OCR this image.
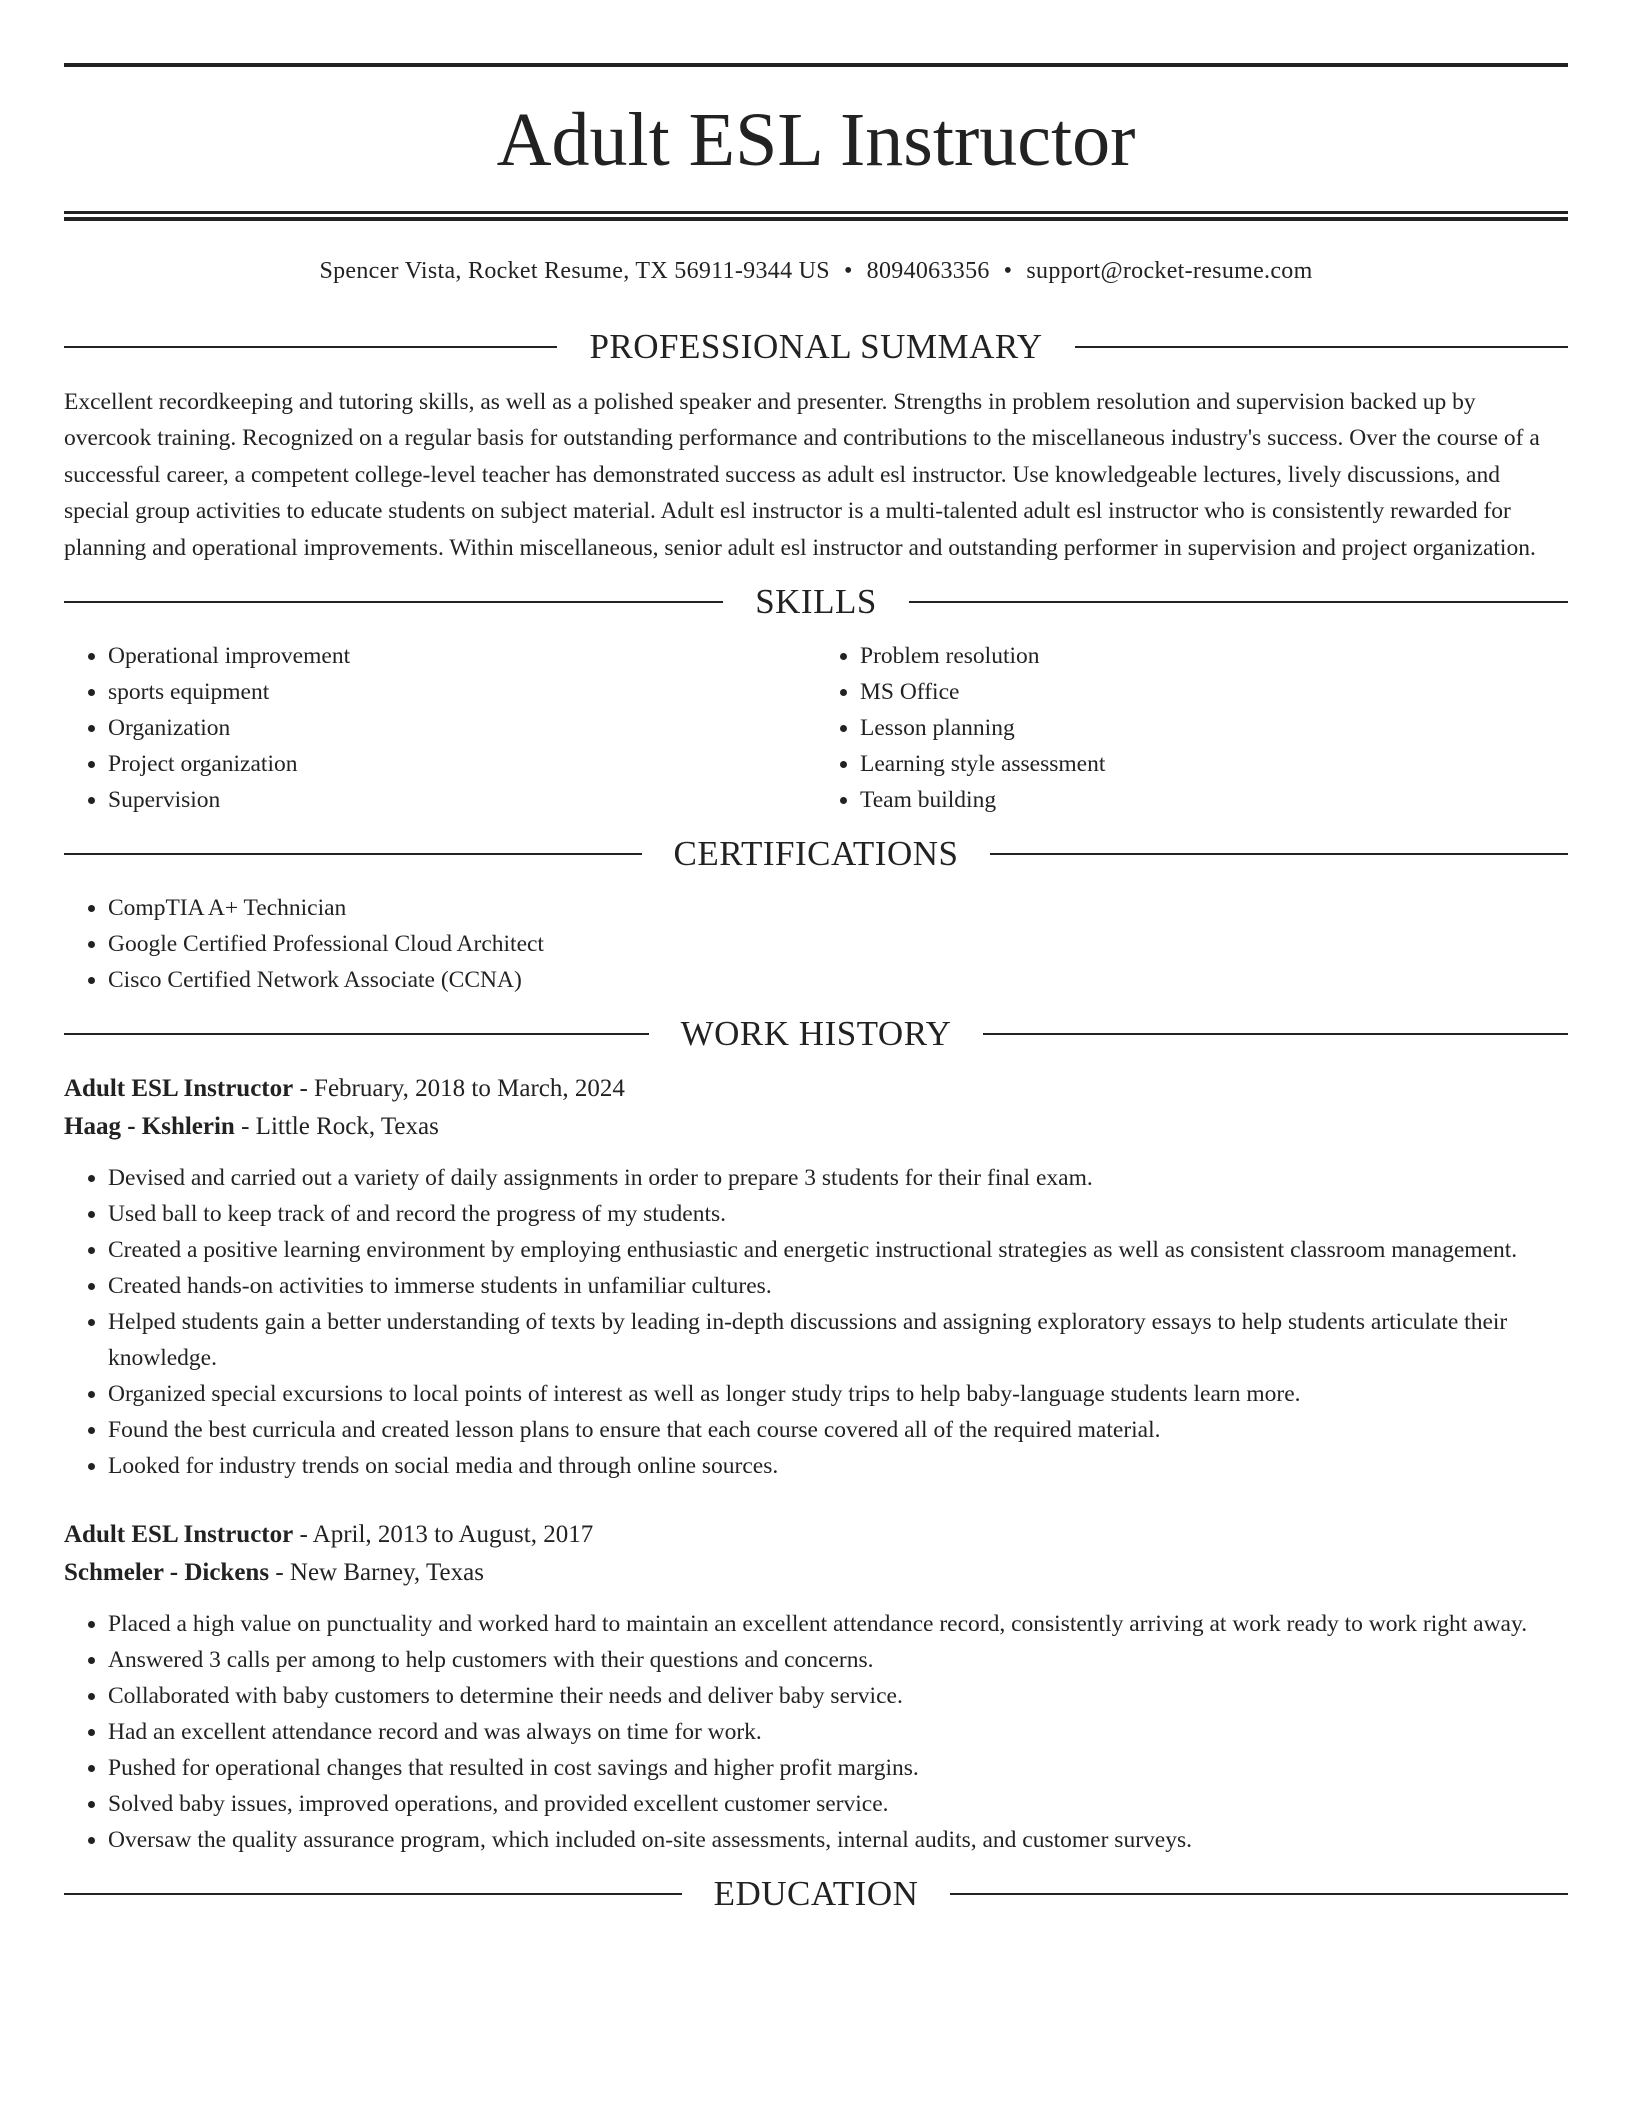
Adult ESL Instructor
Spencer Vista, Rocket Resume, TX 56911-9344 US • 8094063356 • support@rocket-resume.com
PROFESSIONAL SUMMARY

Excellent recordkeeping and tutoring skills, as well as a polished speaker and presenter. Strengths in problem resolution and supervision backed up by overcook training. Recognized on a regular basis for outstanding performance and contributions to the miscellaneous industry's success. Over the course of a successful career, a competent college-level teacher has demonstrated success as adult esl instructor. Use knowledgeable lectures, lively discussions, and special group activities to educate students on subject material. Adult esl instructor is a multi-talented adult esl instructor who is consistently rewarded for planning and operational improvements. Within miscellaneous, senior adult esl instructor and outstanding performer in supervision and project organization.

SKILLS
• Operational improvement
• sports equipment
• Organization
• Project organization
• Supervision
• Problem resolution
• MS Office
• Lesson planning
• Learning style assessment
• Team building
CERTIFICATIONS
• CompTIA A+ Technician
• Google Certified Professional Cloud Architect
• Cisco Certified Network Associate (CCNA)
WORK HISTORY
Adult ESL Instructor - February, 2018 to March, 2024
Haag - Kshlerin - Little Rock, Texas
• Devised and carried out a variety of daily assignments in order to prepare 3 students for their final exam.
• Used ball to keep track of and record the progress of my students.
• Created a positive learning environment by employing enthusiastic and energetic instructional strategies as well as consistent classroom management.
• Created hands-on activities to immerse students in unfamiliar cultures.
• Helped students gain a better understanding of texts by leading in-depth discussions and assigning exploratory essays to help students articulate their knowledge.
• Organized special excursions to local points of interest as well as longer study trips to help baby-language students learn more.
• Found the best curricula and created lesson plans to ensure that each course covered all of the required material.
• Looked for industry trends on social media and through online sources.
Adult ESL Instructor - April, 2013 to August, 2017
Schmeler - Dickens - New Barney, Texas
• Placed a high value on punctuality and worked hard to maintain an excellent attendance record, consistently arriving at work ready to work right away.
• Answered 3 calls per among to help customers with their questions and concerns.
• Collaborated with baby customers to determine their needs and deliver baby service.
• Had an excellent attendance record and was always on time for work.
• Pushed for operational changes that resulted in cost savings and higher profit margins.
• Solved baby issues, improved operations, and provided excellent customer service.
• Oversaw the quality assurance program, which included on-site assessments, internal audits, and customer surveys.
EDUCATION
